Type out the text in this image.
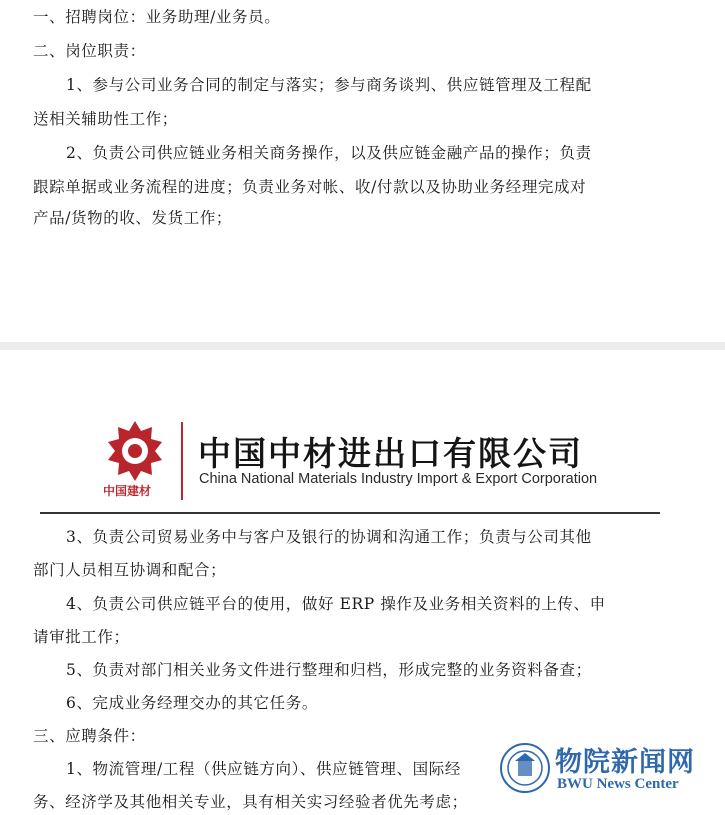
一、招聘岗位：业务助理/业务员。
二、岗位职责：
1、参与公司业务合同的制定与落实；参与商务谈判、供应链管理及工程配
送相关辅助性工作；
2、负责公司供应链业务相关商务操作，以及供应链金融产品的操作；负责
跟踪单据或业务流程的进度；负责业务对帐、收/付款以及协助业务经理完成对
产品/货物的收、发货工作；
中国建材
中国中材进出口有限公司
China National Materials Industry Import & Export Corporation
3、负责公司贸易业务中与客户及银行的协调和沟通工作；负责与公司其他
部门人员相互协调和配合；
4、负责公司供应链平台的使用，做好 ERP 操作及业务相关资料的上传、申
请审批工作；
5、负责对部门相关业务文件进行整理和归档，形成完整的业务资料备查；
6、完成业务经理交办的其它任务。
三、应聘条件：
1、物流管理/工程（供应链方向）、供应链管理、国际经
务、经济学及其他相关专业，具有相关实习经验者优先考虑；
物院新闻网
BWU News Center
